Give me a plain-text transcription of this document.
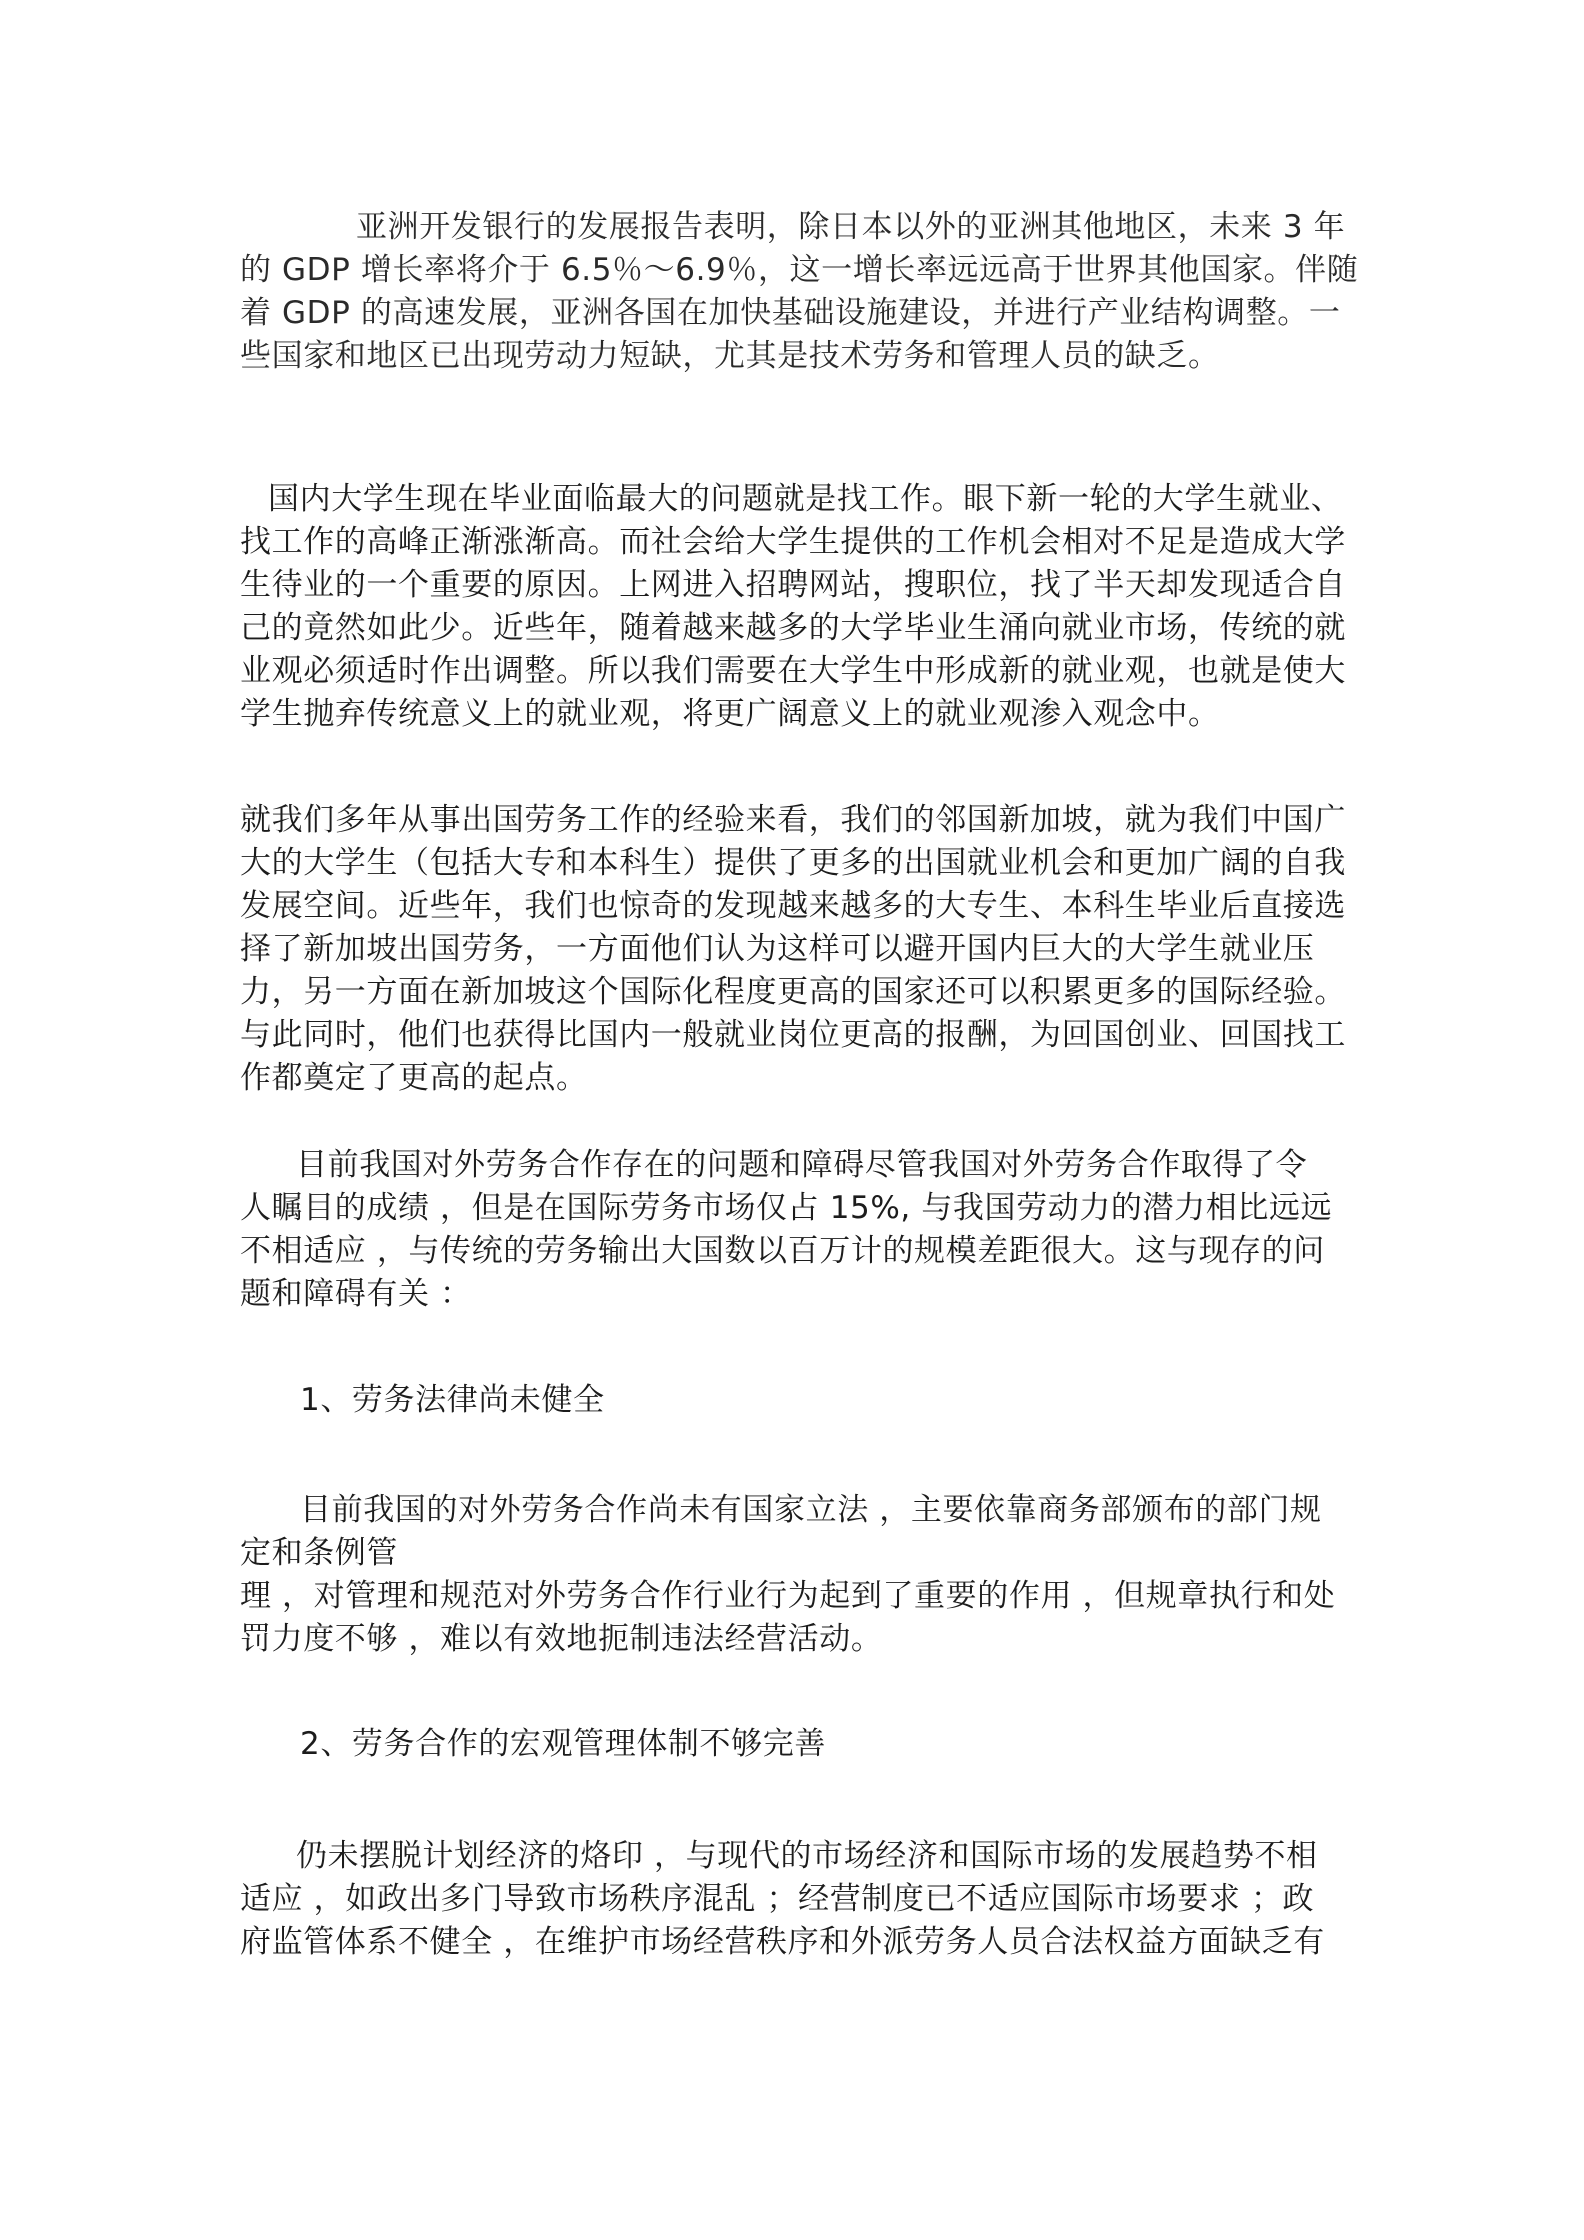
亚洲开发银行的发展报告表明，除日本以外的亚洲其他地区，未来 3 年

的 GDP 增长率将介于 6.5％～6.9％，这一增长率远远高于世界其他国家。伴随

着 GDP 的高速发展，亚洲各国在加快基础设施建设，并进行产业结构调整。一

些国家和地区已出现劳动力短缺，尤其是技术劳务和管理人员的缺乏。

国内大学生现在毕业面临最大的问题就是找工作。眼下新一轮的大学生就业、

找工作的高峰正渐涨渐高。而社会给大学生提供的工作机会相对不足是造成大学

生待业的一个重要的原因。上网进入招聘网站，搜职位，找了半天却发现适合自

己的竟然如此少。近些年，随着越来越多的大学毕业生涌向就业市场，传统的就

业观必须适时作出调整。所以我们需要在大学生中形成新的就业观，也就是使大

学生抛弃传统意义上的就业观，将更广阔意义上的就业观渗入观念中。

就我们多年从事出国劳务工作的经验来看，我们的邻国新加坡，就为我们中国广

大的大学生（包括大专和本科生）提供了更多的出国就业机会和更加广阔的自我

发展空间。近些年，我们也惊奇的发现越来越多的大专生、本科生毕业后直接选

择了新加坡出国劳务，一方面他们认为这样可以避开国内巨大的大学生就业压

力，另一方面在新加坡这个国际化程度更高的国家还可以积累更多的国际经验。

与此同时，他们也获得比国内一般就业岗位更高的报酬，为回国创业、回国找工

作都奠定了更高的起点。

目前我国对外劳务合作存在的问题和障碍尽管我国对外劳务合作取得了令

人瞩目的成绩 ，但是在国际劳务市场仅占 15%, 与我国劳动力的潜力相比远远

不相适应 ，与传统的劳务输出大国数以百万计的规模差距很大。这与现存的问

题和障碍有关 ：

1、劳务法律尚未健全

目前我国的对外劳务合作尚未有国家立法 ，主要依靠商务部颁布的部门规

定和条例管

理 ，对管理和规范对外劳务合作行业行为起到了重要的作用 ，但规章执行和处

罚力度不够 ，难以有效地扼制违法经营活动。

2、劳务合作的宏观管理体制不够完善

仍未摆脱计划经济的烙印 ，与现代的市场经济和国际市场的发展趋势不相

适应 ，如政出多门导致市场秩序混乱 ；经营制度已不适应国际市场要求 ；政

府监管体系不健全 ，在维护市场经营秩序和外派劳务人员合法权益方面缺乏有
